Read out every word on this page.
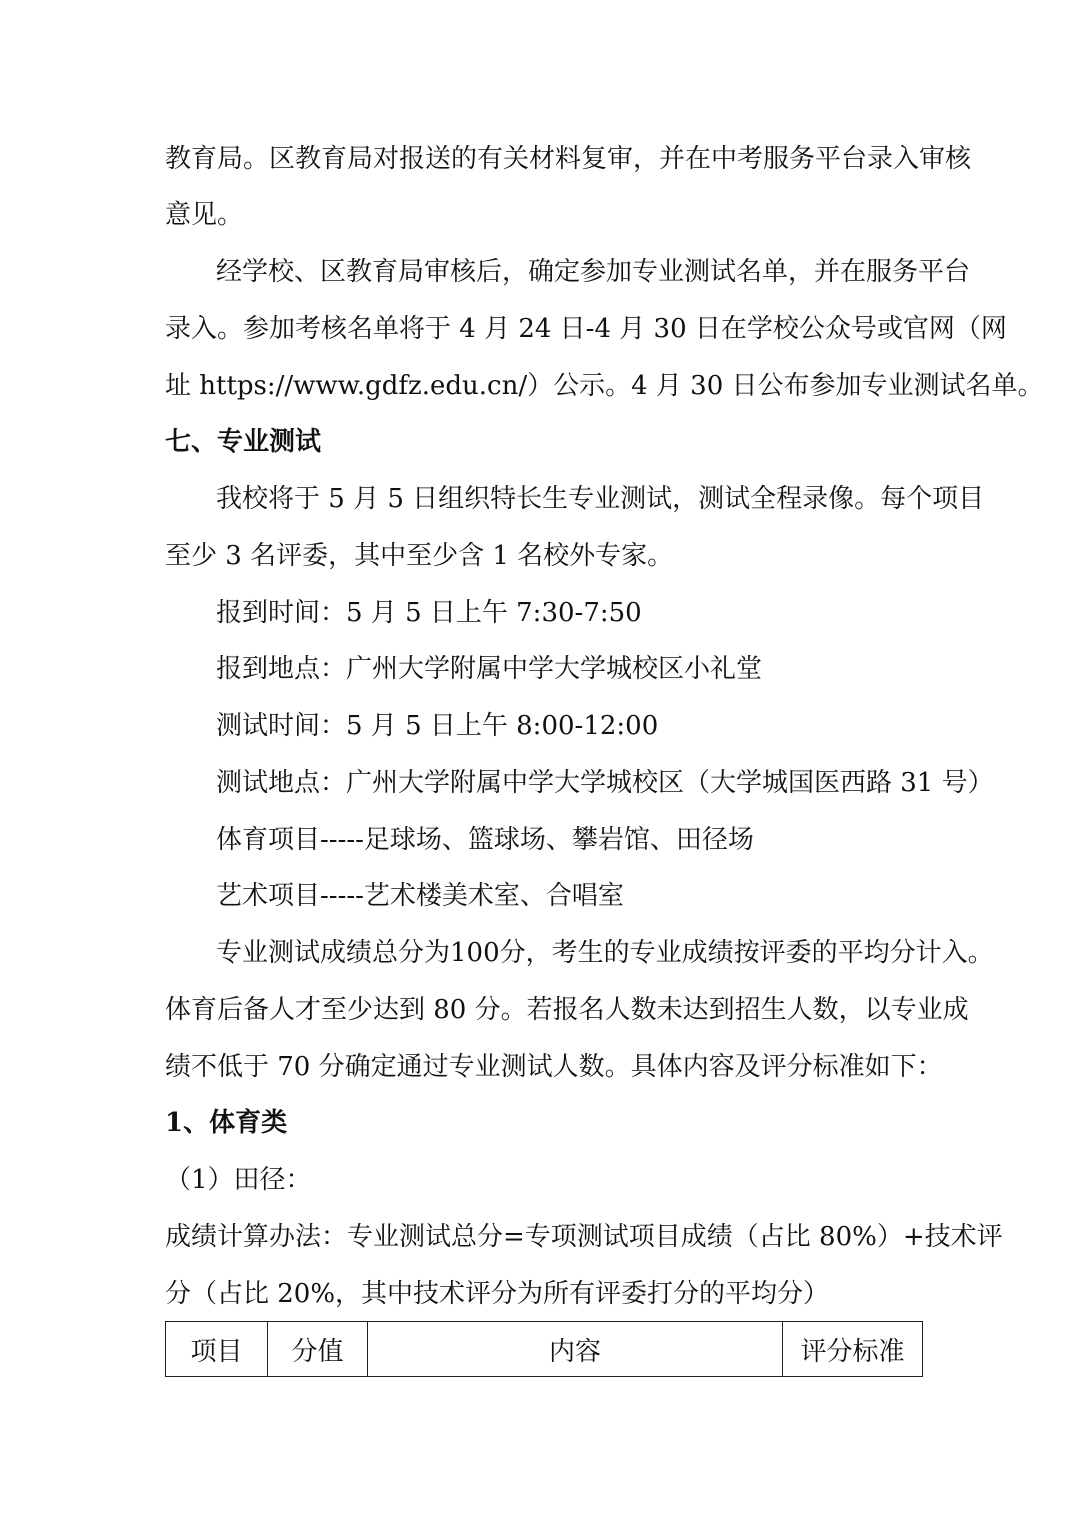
教育局。区教育局对报送的有关材料复审，并在中考服务平台录入审核

意见。

经学校、区教育局审核后，确定参加专业测试名单，并在服务平台

录入。参加考核名单将于 4 月 24 日-4 月 30 日在学校公众号或官网（网

址 https://www.gdfz.edu.cn/）公示。4 月 30 日公布参加专业测试名单。

七、专业测试

我校将于 5 月 5 日组织特长生专业测试，测试全程录像。每个项目

至少 3 名评委，其中至少含 1 名校外专家。

报到时间：5 月 5 日上午 7:30-7:50

报到地点：广州大学附属中学大学城校区小礼堂

测试时间：5 月 5 日上午 8:00-12:00

测试地点：广州大学附属中学大学城校区（大学城国医西路 31 号）

体育项目-----足球场、篮球场、攀岩馆、田径场

艺术项目-----艺术楼美术室、合唱室

专业测试成绩总分为100分，考生的专业成绩按评委的平均分计入。

体育后备人才至少达到 80 分。若报名人数未达到招生人数，以专业成

绩不低于 70 分确定通过专业测试人数。具体内容及评分标准如下：

1、体育类

（1）田径：

成绩计算办法：专业测试总分=专项测试项目成绩（占比 80%）+技术评

分（占比 20%，其中技术评分为所有评委打分的平均分）

项目	分值	内容	评分标准
